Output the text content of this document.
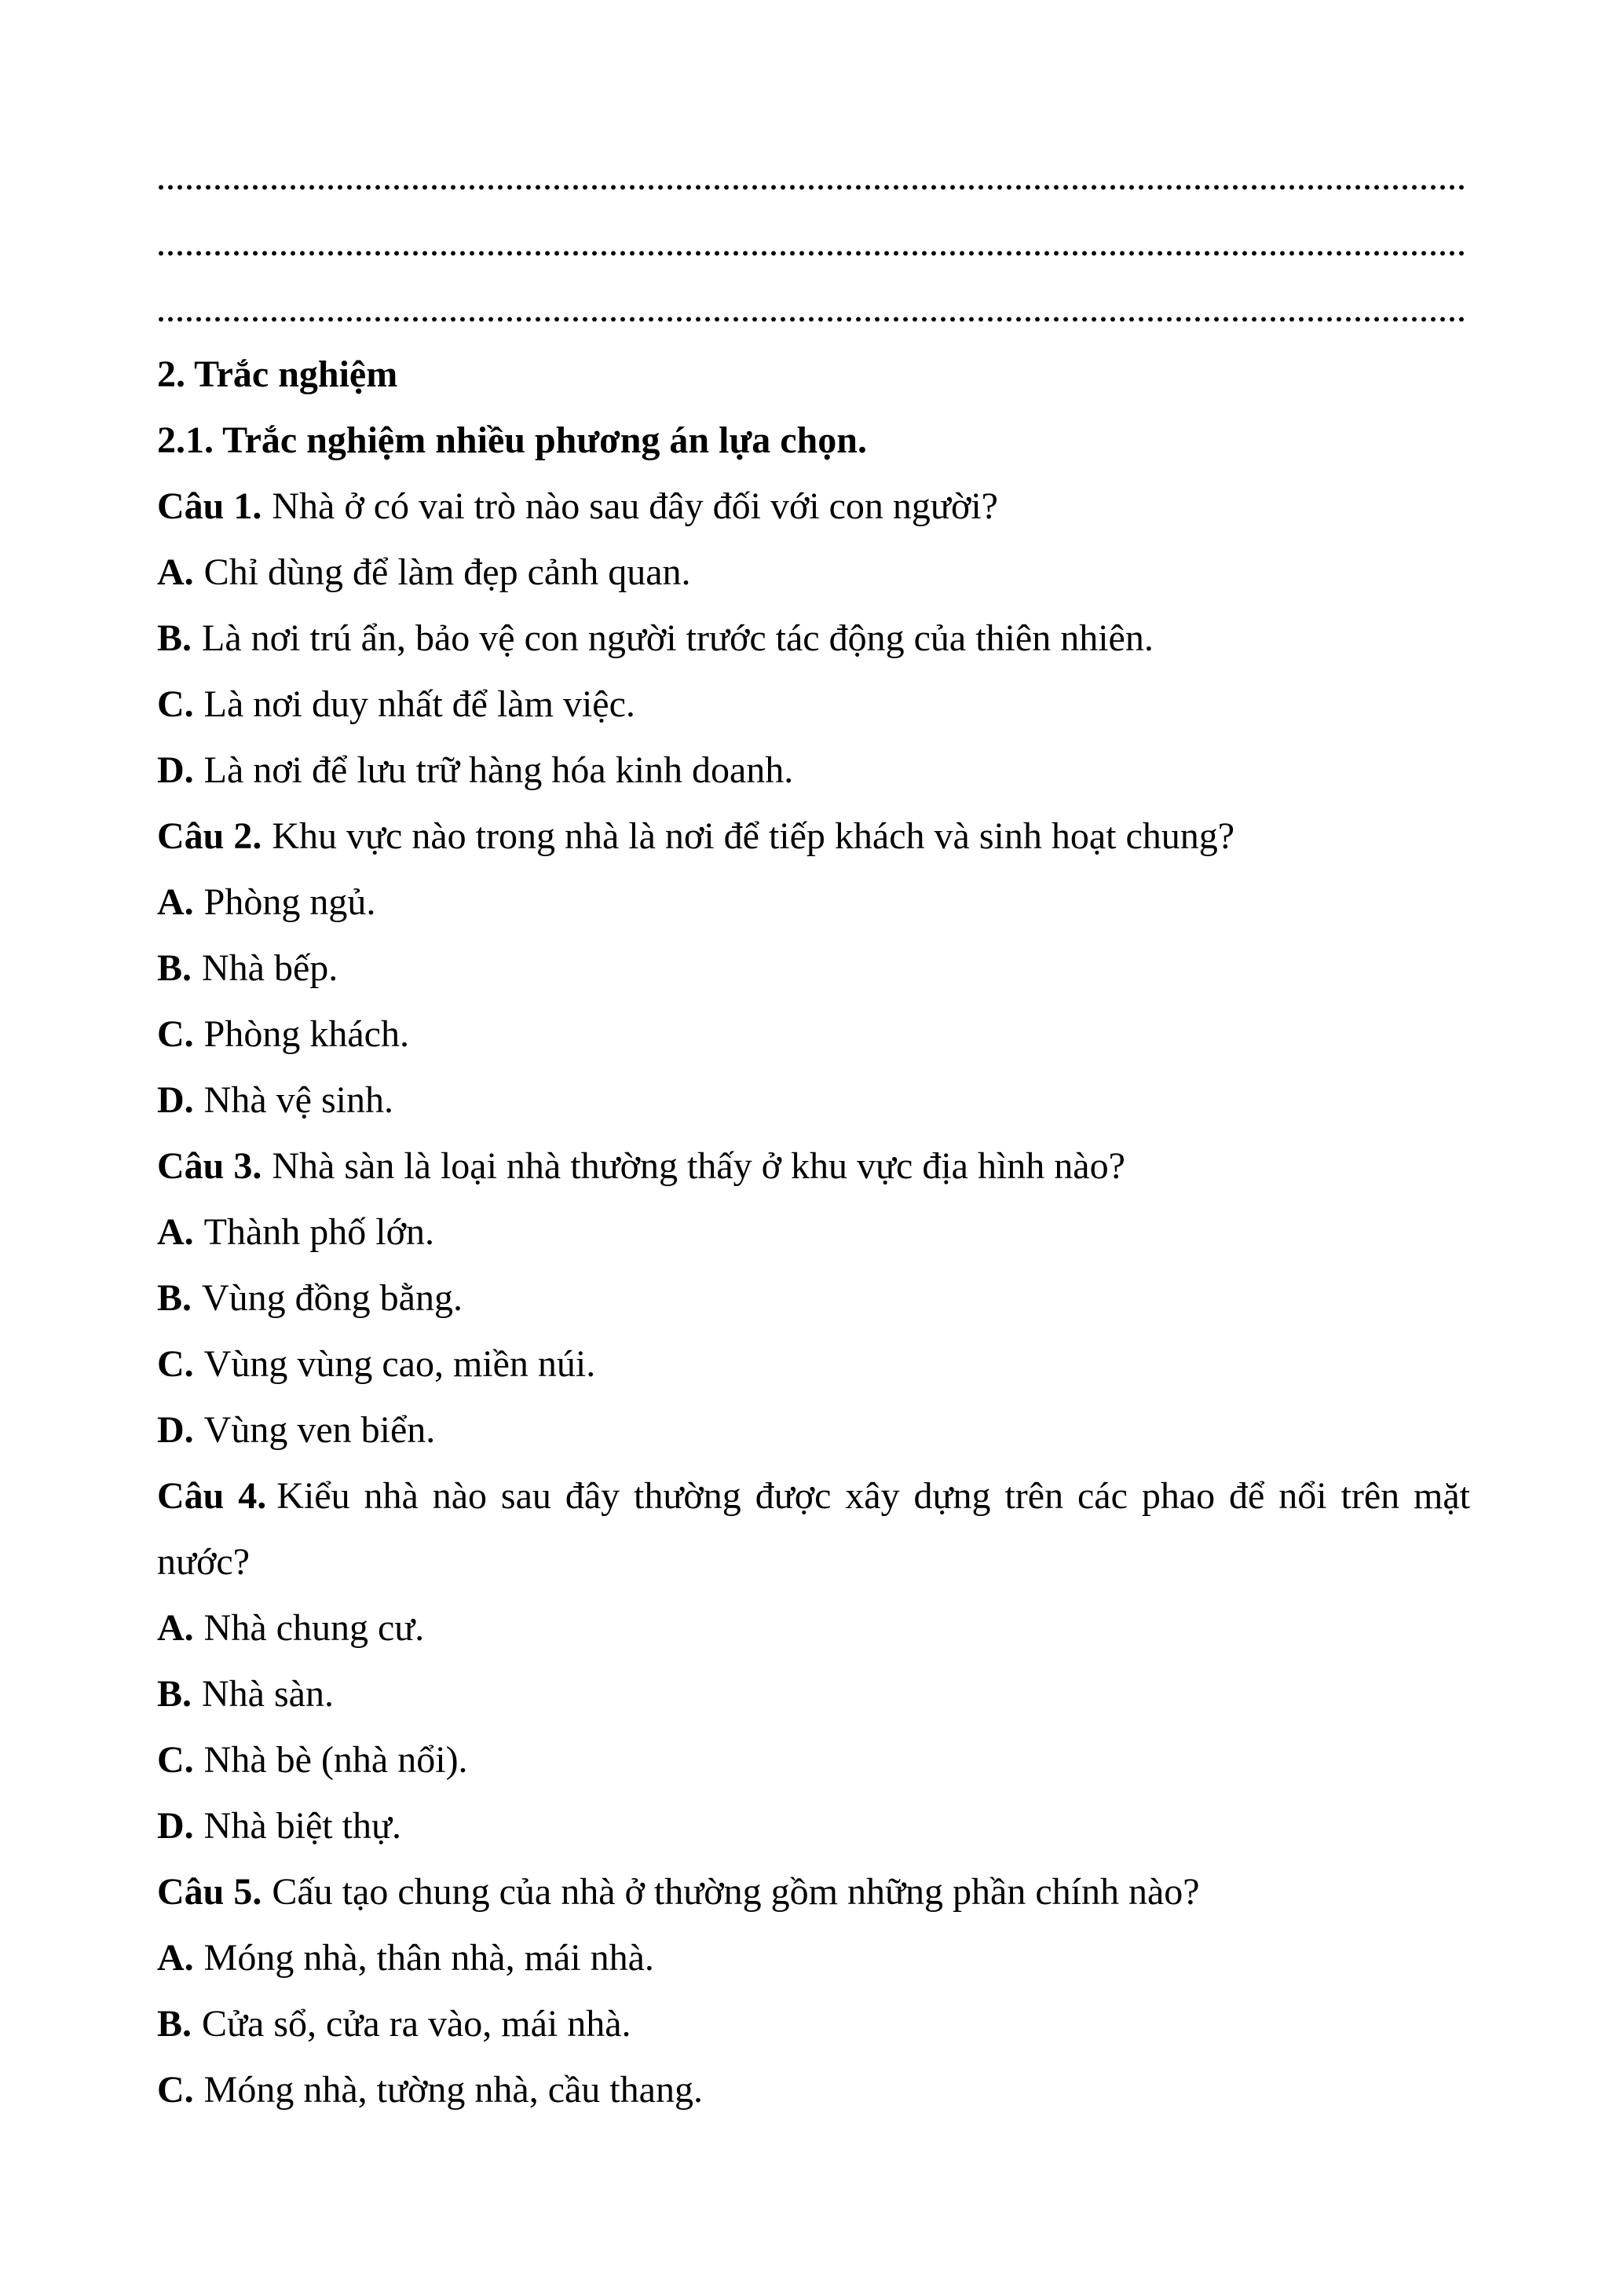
2. Trắc nghiệm
2.1. Trắc nghiệm nhiều phương án lựa chọn.
Câu 1. Nhà ở có vai trò nào sau đây đối với con người?
A. Chỉ dùng để làm đẹp cảnh quan.
B. Là nơi trú ẩn, bảo vệ con người trước tác động của thiên nhiên.
C. Là nơi duy nhất để làm việc.
D. Là nơi để lưu trữ hàng hóa kinh doanh.
Câu 2. Khu vực nào trong nhà là nơi để tiếp khách và sinh hoạt chung?
A. Phòng ngủ.
B. Nhà bếp.
C. Phòng khách.
D. Nhà vệ sinh.
Câu 3. Nhà sàn là loại nhà thường thấy ở khu vực địa hình nào?
A. Thành phố lớn.
B. Vùng đồng bằng.
C. Vùng vùng cao, miền núi.
D. Vùng ven biển.
Câu 4. Kiểu nhà nào sau đây thường được xây dựng trên các phao để nổi trên mặt
nước?
A. Nhà chung cư.
B. Nhà sàn.
C. Nhà bè (nhà nổi).
D. Nhà biệt thự.
Câu 5. Cấu tạo chung của nhà ở thường gồm những phần chính nào?
A. Móng nhà, thân nhà, mái nhà.
B. Cửa sổ, cửa ra vào, mái nhà.
C. Móng nhà, tường nhà, cầu thang.
